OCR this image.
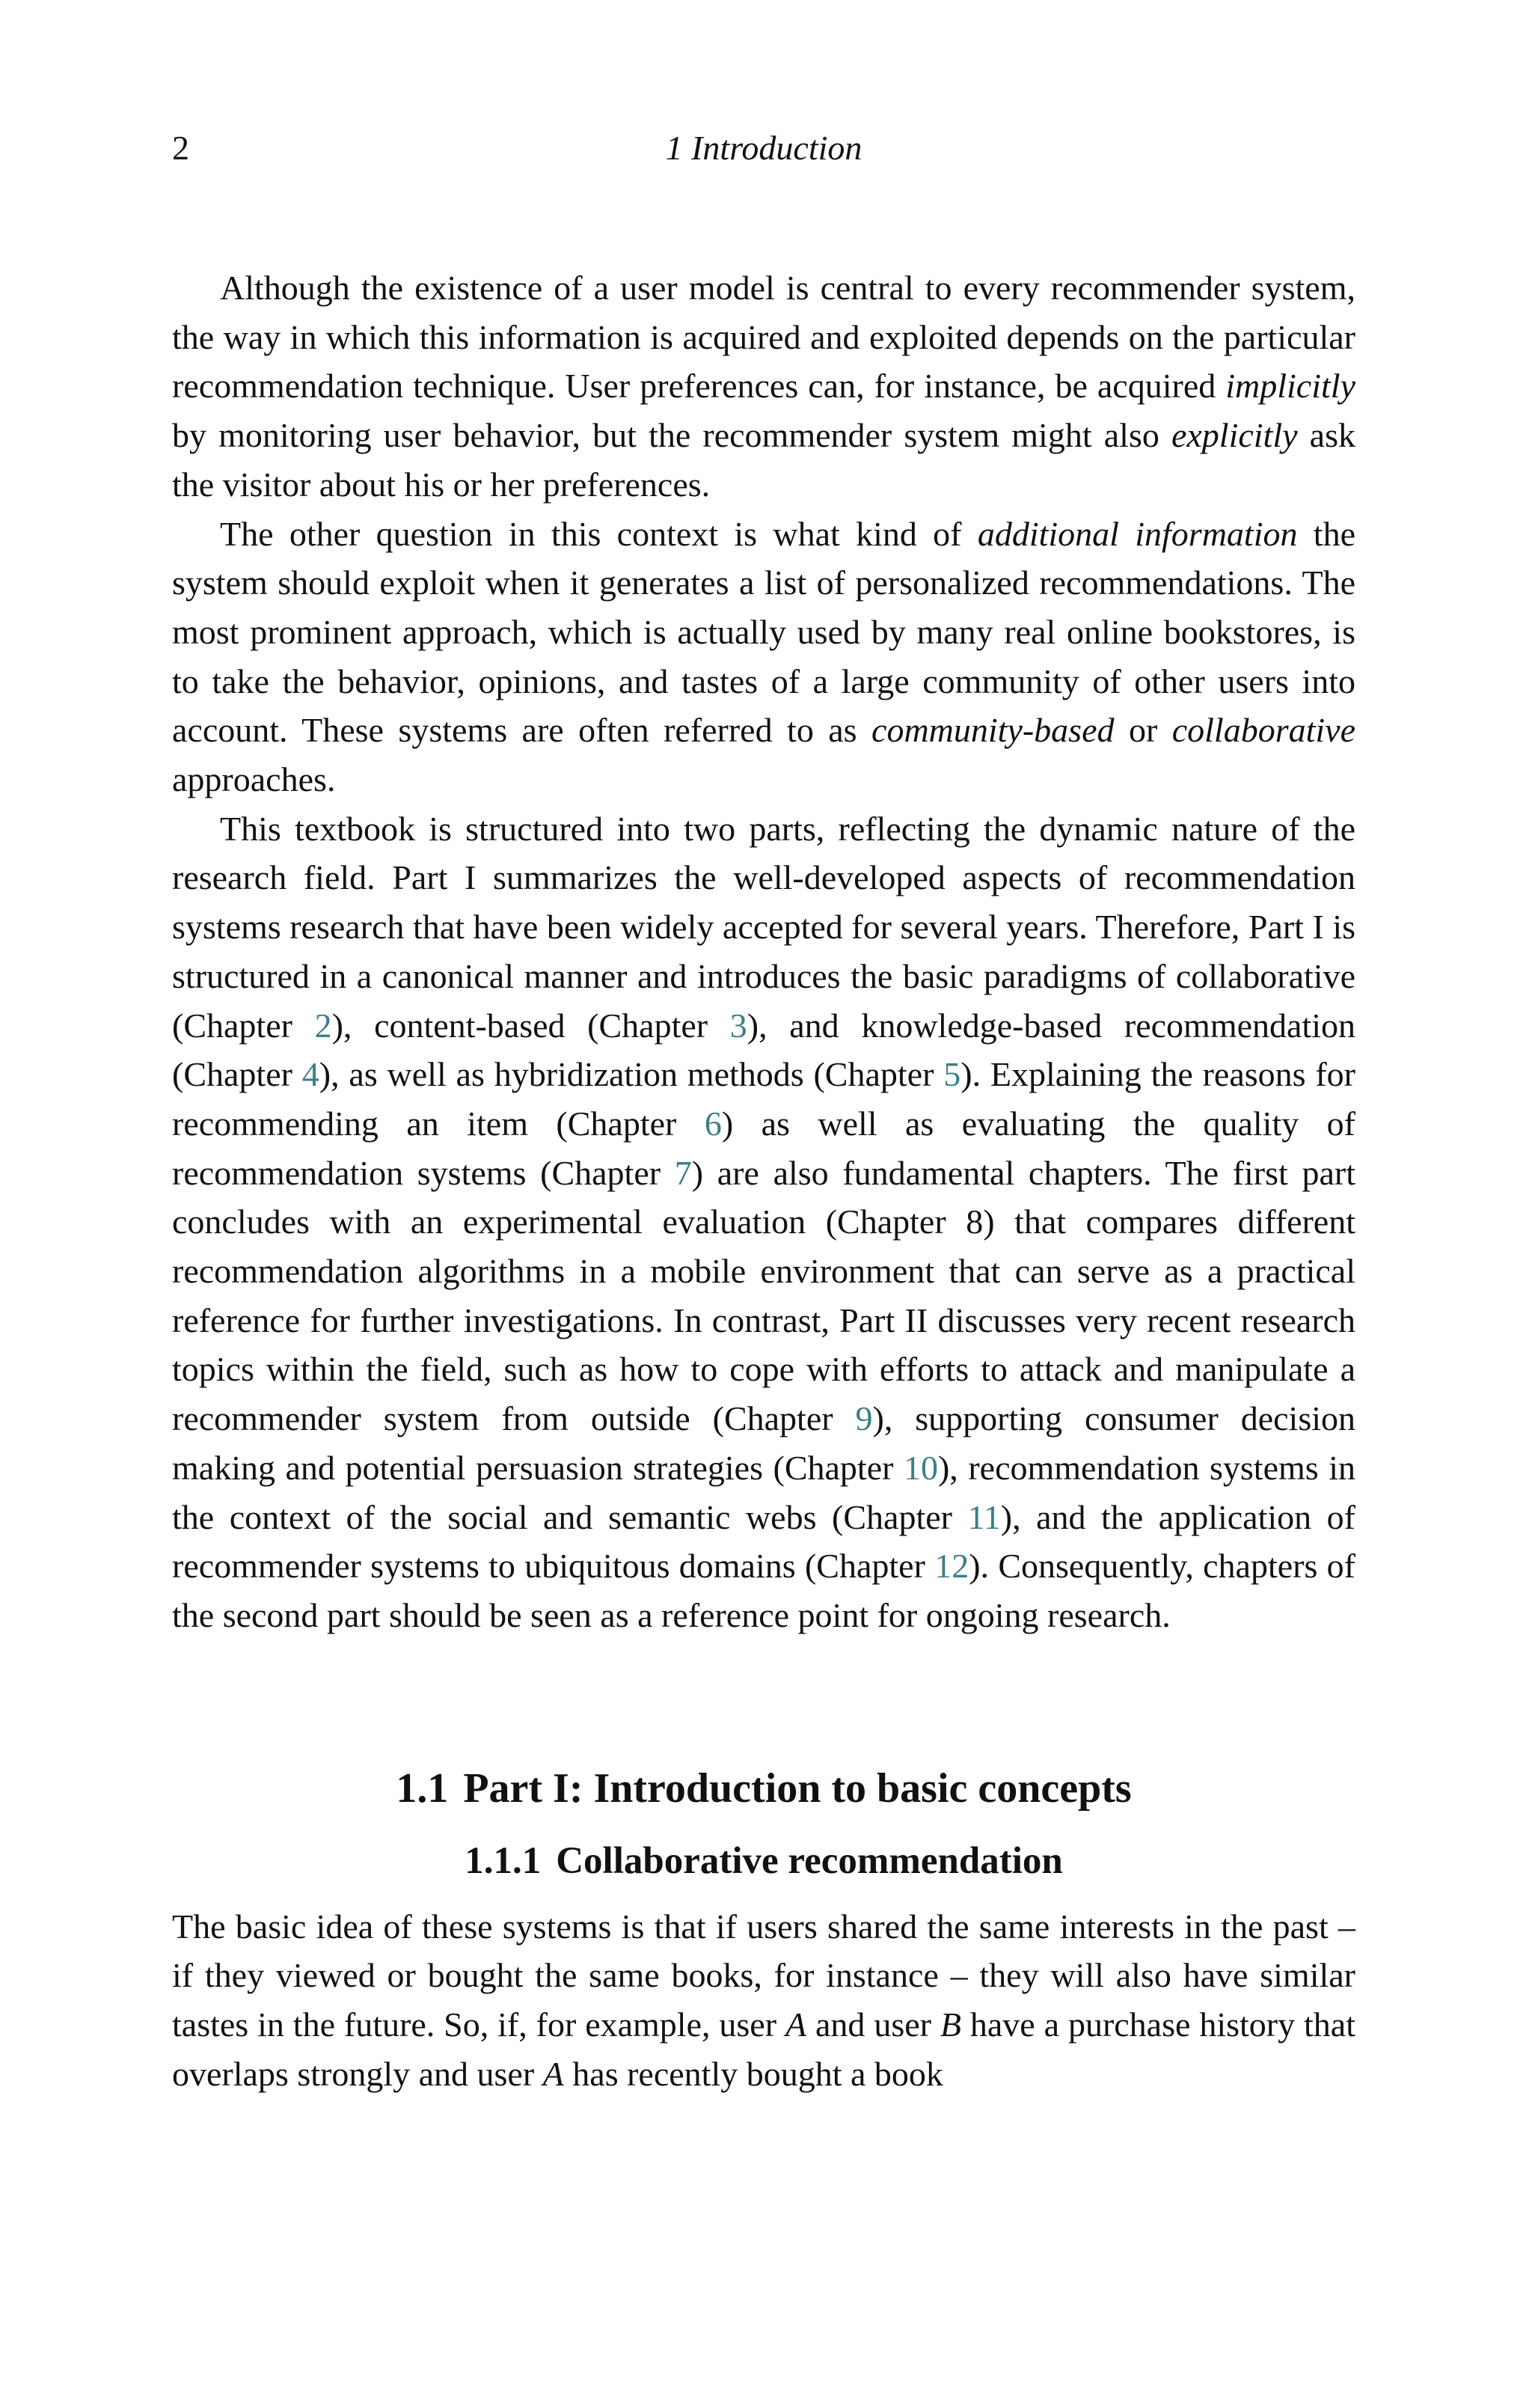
2	1 Introduction

Although the existence of a user model is central to every recommender system, the way in which this information is acquired and exploited depends on the particular recommendation technique. User preferences can, for instance, be acquired implicitly by monitoring user behavior, but the recommender system might also explicitly ask the visitor about his or her preferences.

The other question in this context is what kind of additional information the system should exploit when it generates a list of personalized recommendations. The most prominent approach, which is actually used by many real online bookstores, is to take the behavior, opinions, and tastes of a large community of other users into account. These systems are often referred to as community-based or collaborative approaches.

This textbook is structured into two parts, reflecting the dynamic nature of the research field. Part I summarizes the well-developed aspects of recommendation systems research that have been widely accepted for several years. Therefore, Part I is structured in a canonical manner and introduces the basic paradigms of collaborative (Chapter 2), content-based (Chapter 3), and knowledge-based recommendation (Chapter 4), as well as hybridization methods (Chapter 5). Explaining the reasons for recommending an item (Chapter 6) as well as evaluating the quality of recommendation systems (Chapter 7) are also fundamental chapters. The first part concludes with an experimental evaluation (Chapter 8) that compares different recommendation algorithms in a mobile environment that can serve as a practical reference for further investigations. In contrast, Part II discusses very recent research topics within the field, such as how to cope with efforts to attack and manipulate a recommender system from outside (Chapter 9), supporting consumer decision making and potential persuasion strategies (Chapter 10), recommendation systems in the context of the social and semantic webs (Chapter 11), and the application of recommender systems to ubiquitous domains (Chapter 12). Consequently, chapters of the second part should be seen as a reference point for ongoing research.

1.1 Part I: Introduction to basic concepts
1.1.1 Collaborative recommendation

The basic idea of these systems is that if users shared the same interests in the past – if they viewed or bought the same books, for instance – they will also have similar tastes in the future. So, if, for example, user A and user B have a purchase history that overlaps strongly and user A has recently bought a book
